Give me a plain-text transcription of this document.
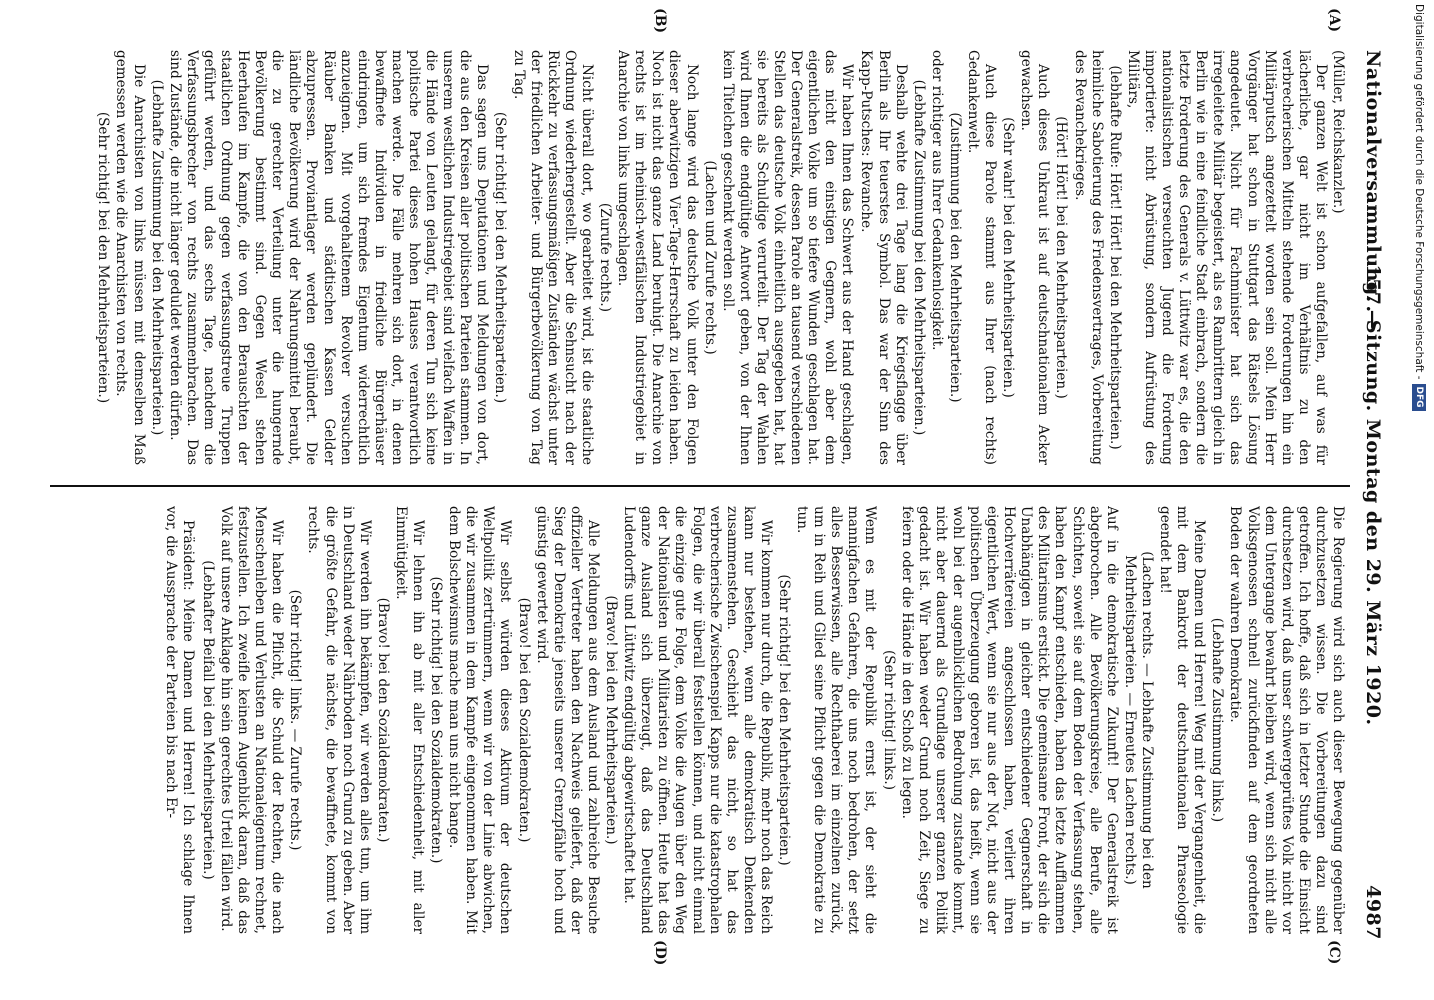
Nationalversammlung. —
157. Sitzung. Montag den 29. März 1920.
4987
(A)
(B)
(C)
(D)

(Müller, Reichskanzler.)

Der ganzen Welt ist schon aufgefallen, auf was für lächerliche, gar nicht im Verhältnis zu den verbrecherischen Mitteln stehende Forderungen hin ein Militärputsch angezettelt worden sein soll. Mein Herr Vorgänger hat schon in Stuttgart das Rätsels Lösung angedeutet. Nicht für Fachminister hat sich das irregeleitete Militär begeistert, als es Rambrittern gleich in Berlin wie in eine feindliche Stadt einbrach, sondern die letzte Forderung des Generals v. Lüttwitz war es, die den nationalistischen verseuchten Jugend die Forderung importierte: nicht Abrüstung, sondern Aufrüstung des Militärs,

(lebhafte Rufe: Hört! Hört! bei den Mehrheitsparteien.)

heimliche Sabotierung des Friedensvertrages, Vorbereitung des Revanchekrieges.

(Hört! Hört! bei den Mehrheitsparteien.)

Auch dieses Unkraut ist auf deutschnationalem Acker gewachsen.

(Sehr wahr! bei den Mehrheitsparteien.)

Auch diese Parole stammt aus Ihrer (nach rechts) Gedankenwelt.

(Zustimmung bei den Mehrheitsparteien.)

oder richtiger aus Ihrer Gedankenlosigkeit.

(Lebhafte Zustimmung bei den Mehrheitsparteien.)

Deshalb wehte drei Tage lang die Kriegsflagge über Berlin als Ihr teuerstes Symbol. Das war der Sinn des Kapp-Putsches: Revanche.

Wir haben Ihnen das Schwert aus der Hand geschlagen, das nicht den einstigen Gegnern, wohl aber dem eigentlichen Volke um so tiefere Wunden geschlagen hat. Der Generalstreik, dessen Parole an tausend verschiedenen Stellen das deutsche Volk einheitlich ausgegeben hat, hat sie bereits als Schuldige verurteilt. Der Tag der Wahlen wird Ihnen die endgültige Antwort geben, von der Ihnen kein Titelchen geschenkt werden soll.

(Lachen und Zurufe rechts.)

Noch lange wird das deutsche Volk unter den Folgen dieser aberwitzigen Vier-Tage-Herrschaft zu leiden haben. Noch ist nicht das ganze Land beruhigt. Die Anarchie von rechts ist im rheinisch-westfälischen Industriegebiet in Anarchie von links umgeschlagen.

(Zurufe rechts.)

Nicht überall dort, wo gearbeitet wird, ist die staatliche Ordnung wiederhergestellt. Aber die Sehnsucht nach der Rückkehr zu verfassungsmäßigen Zuständen wächst unter der friedlichen Arbeiter- und Bürgerbevölkerung von Tag zu Tag.

(Sehr richtig! bei den Mehrheitsparteien.)

Das sagen uns Deputationen und Meldungen von dort, die aus den Kreisen aller politischen Parteien stammen. In unserem westlichen Industriegebiet sind vielfach Waffen in die Hände von Leuten gelangt, für deren Tun sich keine politische Partei dieses hohen Hauses verantwortlich machen werde. Die Fälle mehren sich dort, in denen bewaffnete Individuen in friedliche Bürgerhäuser eindringen, um sich fremdes Eigentum widerrechtlich anzueignen. Mit vorgehaltenem Revolver versuchen Räuber Banken und städtischen Kassen Gelder abzupressen. Proviantlager werden geplündert. Die ländliche Bevölkerung wird der Nahrungsmittel beraubt, die zu gerechter Verteilung unter die hungernde Bevölkerung bestimmt sind. Gegen Wesel stehen Heerhaufen im Kampfe, die von den Berauschten der staatlichen Ordnung gegen verfassungstreue Truppen geführt werden, und das sechs Tage, nachdem die Verfassungsbrecher von rechts zusammenbrachen. Das sind Zustände, die nicht länger geduldet werden dürfen.

(Lebhafte Zustimmung bei den Mehrheitsparteien.)

Die Anarchisten von links müssen mit demselben Maß gemessen werden wie die Anarchisten von rechts.

(Sehr richtig! bei den Mehrheitsparteien.)

Die Regierung wird sich auch dieser Bewegung gegenüber durchzusetzen wissen. Die Vorbereitungen dazu sind getroffen. Ich hoffe, daß sich in letzter Stunde die Einsicht durchsetzen wird, daß unser schwergeprüftes Volk nicht vor dem Untergange bewahrt bleiben wird, wenn sich nicht alle Volksgenossen schnell zurückfinden auf dem geordneten Boden der wahren Demokratie.

(Lebhafte Zustimmung links.)

Meine Damen und Herren! Weg mit der Vergangenheit, die mit dem Bankrott der deutschnationalen Phraseologie geendet hat!

(Lachen rechts. — Lebhafte Zustimmung bei den Mehrheitsparteien. — Erneutes Lachen rechts.)

Auf in die demokratische Zukunft! Der Generalstreik ist abgebrochen. Alle Bevölkerungskreise, alle Berufe, alle Schichten, soweit sie auf dem Boden der Verfassung stehen, haben den Kampf entschieden, haben das letzte Aufflammen des Militarismus erstickt. Die gemeinsame Front, der sich die Unabhängigen in gleicher entschiedener Gegnerschaft in Hochverrätereien angeschlossen haben, verliert ihren eigentlichen Wert, wenn sie nur aus der Not, nicht aus der politischen Überzeugung geboren ist, das heißt, wenn sie wohl bei der augenblicklichen Bedrohung zustande kommt, nicht aber dauernd als Grundlage unserer ganzen Politik gedacht ist. Wir haben weder Grund noch Zeit, Siege zu feiern oder die Hände in den Schoß zu legen.

(Sehr richtig! links.)

Wenn es mit der Republik ernst ist, der sieht die mannigfachen Gefahren, die uns noch bedrohen, der setzt alles Besserwissen, alle Rechthaberei im einzelnen zurück, um in Reih und Glied seine Pflicht gegen die Demokratie zu tun.

(Sehr richtig! bei den Mehrheitsparteien.)

Wir kommen nur durch, die Republik, mehr noch das Reich kann nur bestehen, wenn alle demokratisch Denkenden zusammenstehen. Geschieht das nicht, so hat das verbrecherische Zwischenspiel Kapps nur die katastrophalen Folgen, die wir überall feststellen können, und nicht einmal die einzige gute Folge, dem Volke die Augen über den Weg der Nationalisten und Militaristen zu öffnen. Heute hat das ganze Ausland sich überzeugt, daß das Deutschland Ludendorffs und Lüttwitz endgültig abgewirtschaftet hat.

(Bravo! bei den Mehrheitsparteien.)

Alle Meldungen aus dem Ausland und zahlreiche Besuche offizieller Vertreter haben den Nachweis geliefert, daß der Sieg der Demokratie jenseits unserer Grenzpfähle hoch und günstig gewertet wird.

(Bravo! bei den Sozialdemokraten.)

Wir selbst würden dieses Aktivum der deutschen Weltpolitik zertrümmern, wenn wir von der Linie abwichen, die wir zusammen in dem Kampfe eingenommen haben. Mit dem Bolschewismus mache man uns nicht bange.

(Sehr richtig! bei den Sozialdemokraten.)

Wir lehnen ihn ab mit aller Entschiedenheit, mit aller Einmütigkeit.

(Bravo! bei den Sozialdemokraten.)

Wir werden ihn bekämpfen, wir werden alles tun, um ihm in Deutschland weder Nährboden noch Grund zu geben. Aber die größte Gefahr, die nächste, die bewaffnete, kommt von rechts.

(Sehr richtig! links. — Zurufe rechts.)

Wir haben die Pflicht, die Schuld der Rechten, die nach Menschenleben und Verlusten an Nationaleigentum rechnet, festzustellen. Ich zweifle keinen Augenblick daran, daß das Volk auf unsere Anklage hin sein gerechtes Urteil fällen wird.

(Lebhafter Beifall bei den Mehrheitsparteien.)

Präsident: Meine Damen und Herren! Ich schlage Ihnen vor, die Aussprache der Parteien bis nach Er-

Digitalisierung gefördert durch die Deutsche Forschungsgemeinschaft -DFG
